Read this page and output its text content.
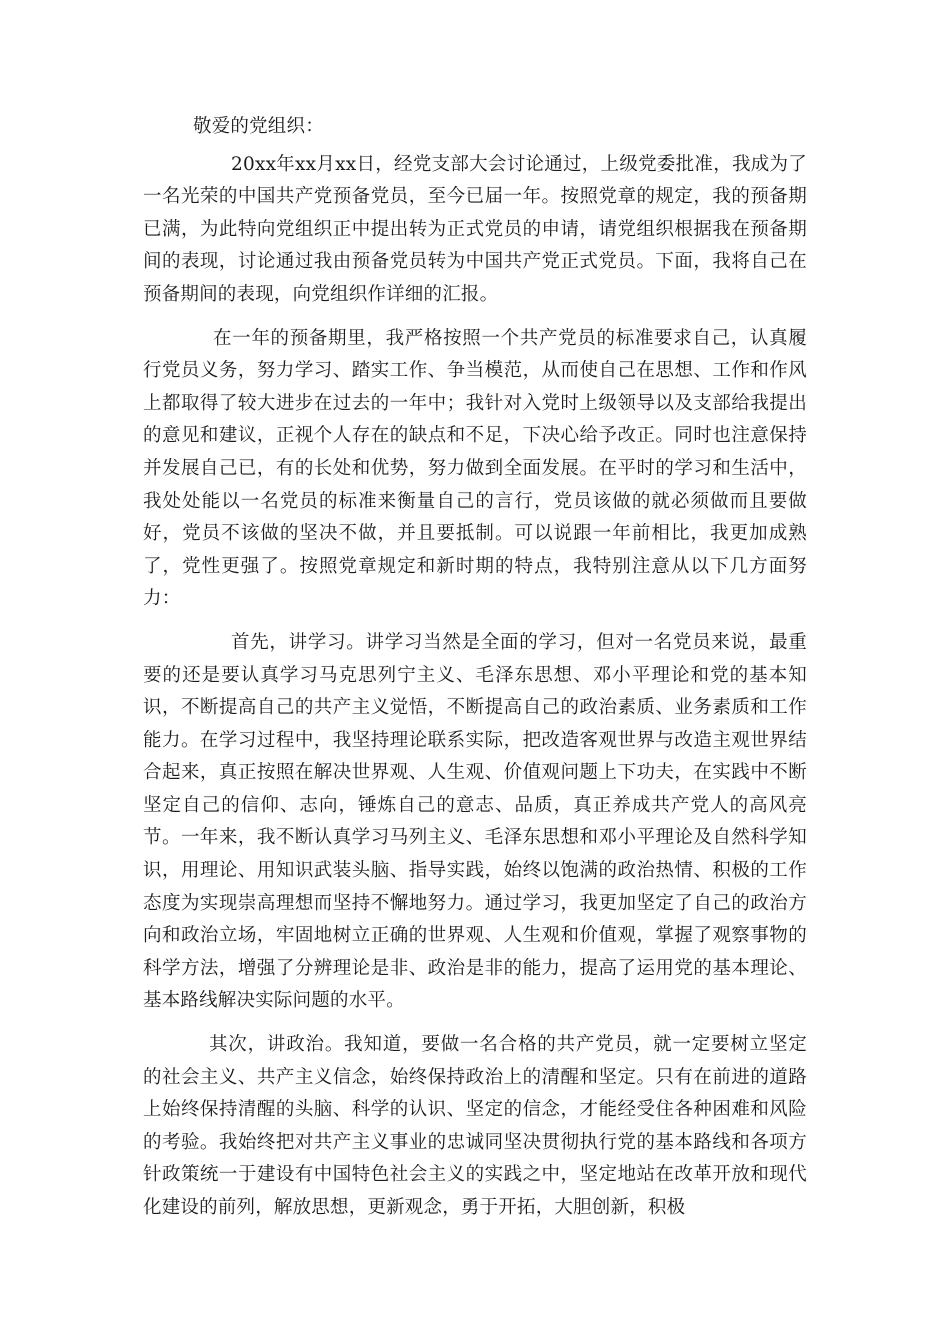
敬爱的党组织：

20xx年xx月xx日，经党支部大会讨论通过，上级党委批准，我成为了一名光荣的中国共产党预备党员，至今已届一年。按照党章的规定，我的预备期已满，为此特向党组织正中提出转为正式党员的申请，请党组织根据我在预备期间的表现，讨论通过我由预备党员转为中国共产党正式党员。下面，我将自己在预备期间的表现，向党组织作详细的汇报。

在一年的预备期里，我严格按照一个共产党员的标准要求自己，认真履行党员义务，努力学习、踏实工作、争当模范，从而使自己在思想、工作和作风上都取得了较大进步在过去的一年中；我针对入党时上级领导以及支部给我提出的意见和建议，正视个人存在的缺点和不足，下决心给予改正。同时也注意保持并发展自己已，有的长处和优势，努力做到全面发展。在平时的学习和生活中，我处处能以一名党员的标准来衡量自己的言行，党员该做的就必须做而且要做好，党员不该做的坚决不做，并且要抵制。可以说跟一年前相比，我更加成熟了，党性更强了。按照党章规定和新时期的特点，我特别注意从以下几方面努力：

首先，讲学习。讲学习当然是全面的学习，但对一名党员来说，最重要的还是要认真学习马克思列宁主义、毛泽东思想、邓小平理论和党的基本知识，不断提高自己的共产主义觉悟，不断提高自己的政治素质、业务素质和工作能力。在学习过程中，我坚持理论联系实际，把改造客观世界与改造主观世界结合起来，真正按照在解决世界观、人生观、价值观问题上下功夫，在实践中不断坚定自己的信仰、志向，锤炼自己的意志、品质，真正养成共产党人的高风亮节。一年来，我不断认真学习马列主义、毛泽东思想和邓小平理论及自然科学知识，用理论、用知识武装头脑、指导实践，始终以饱满的政治热情、积极的工作态度为实现崇高理想而坚持不懈地努力。通过学习，我更加坚定了自己的政治方向和政治立场，牢固地树立正确的世界观、人生观和价值观，掌握了观察事物的科学方法，增强了分辨理论是非、政治是非的能力，提高了运用党的基本理论、基本路线解决实际问题的水平。

其次，讲政治。我知道，要做一名合格的共产党员，就一定要树立坚定的社会主义、共产主义信念，始终保持政治上的清醒和坚定。只有在前进的道路上始终保持清醒的头脑、科学的认识、坚定的信念，才能经受住各种困难和风险的考验。我始终把对共产主义事业的忠诚同坚决贯彻执行党的基本路线和各项方针政策统一于建设有中国特色社会主义的实践之中，坚定地站在改革开放和现代化建设的前列，解放思想，更新观念，勇于开拓，大胆创新，积极
